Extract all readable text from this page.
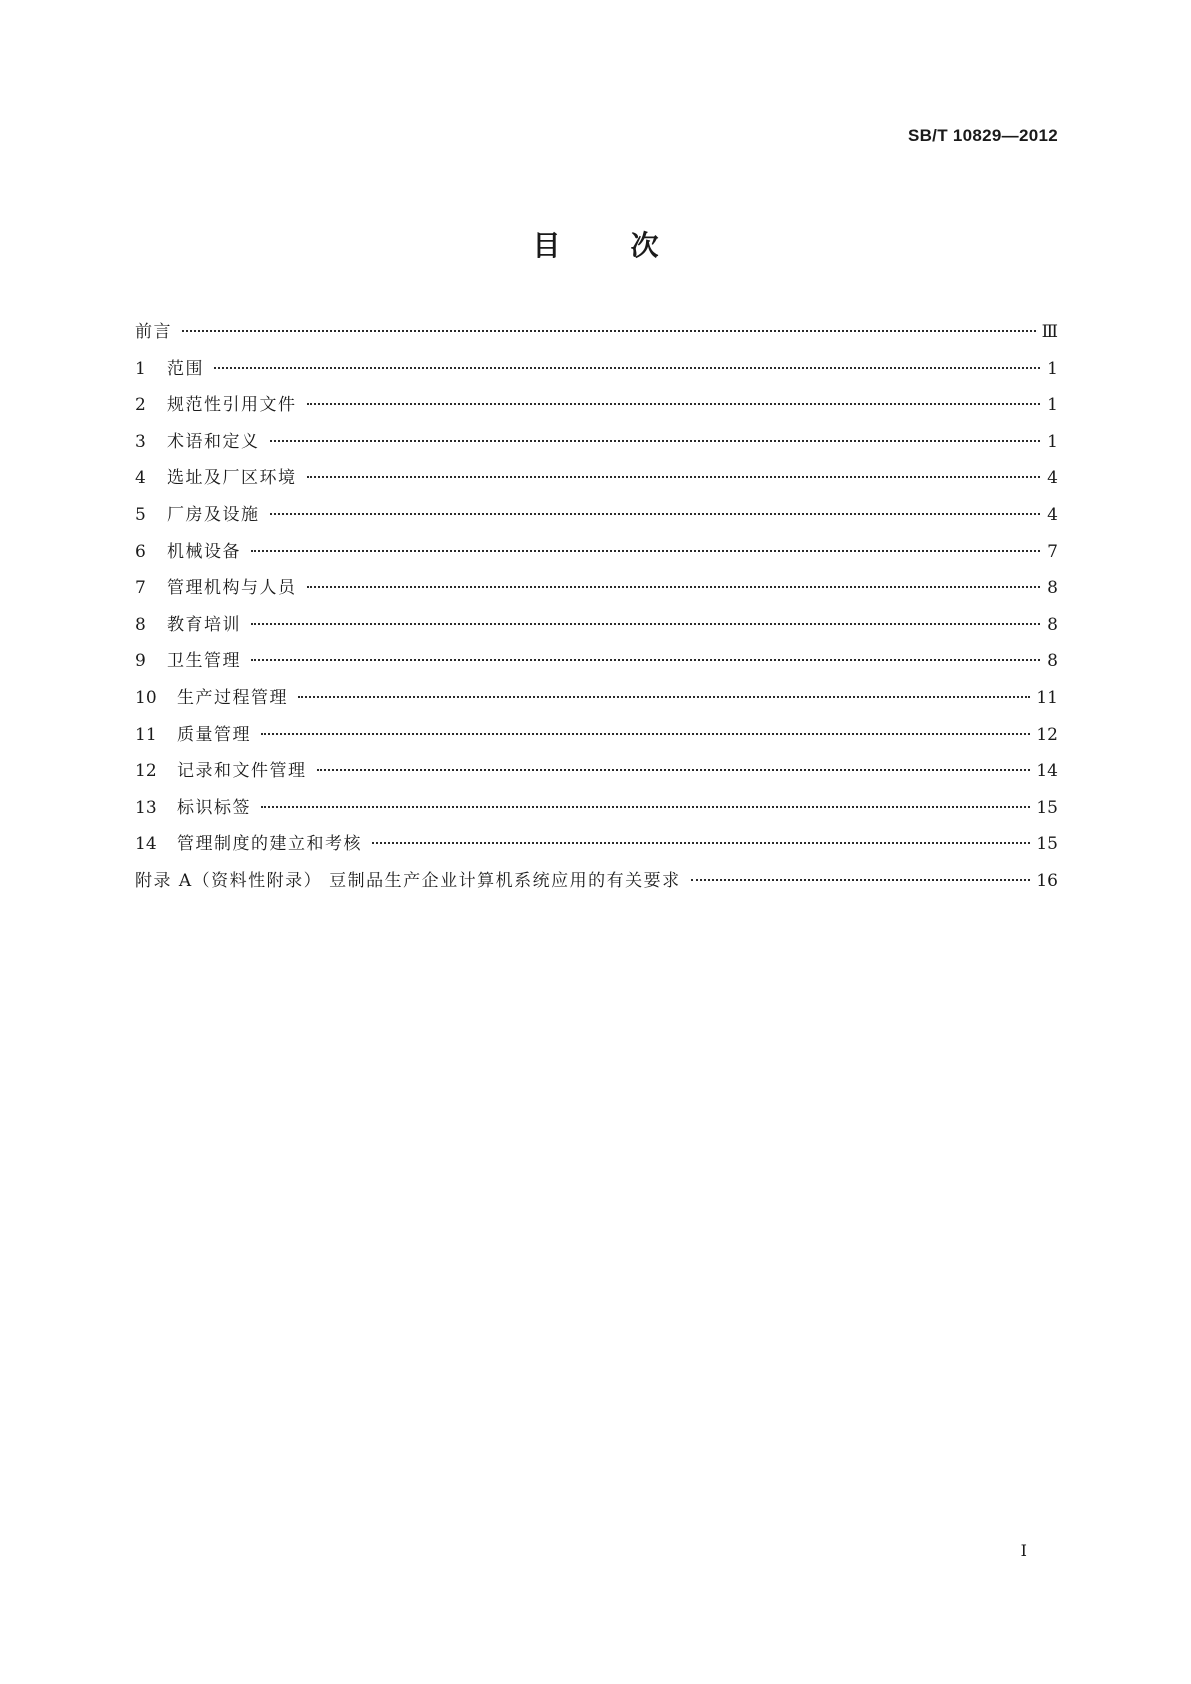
SB/T 10829—2012
目次
前言	Ⅲ
1	范围	1
2	规范性引用文件	1
3	术语和定义	1
4	选址及厂区环境	4
5	厂房及设施	4
6	机械设备	7
7	管理机构与人员	8
8	教育培训	8
9	卫生管理	8
10	生产过程管理	11
11	质量管理	12
12	记录和文件管理	14
13	标识标签	15
14	管理制度的建立和考核	15
附录 A（资料性附录） 豆制品生产企业计算机系统应用的有关要求	16
I
